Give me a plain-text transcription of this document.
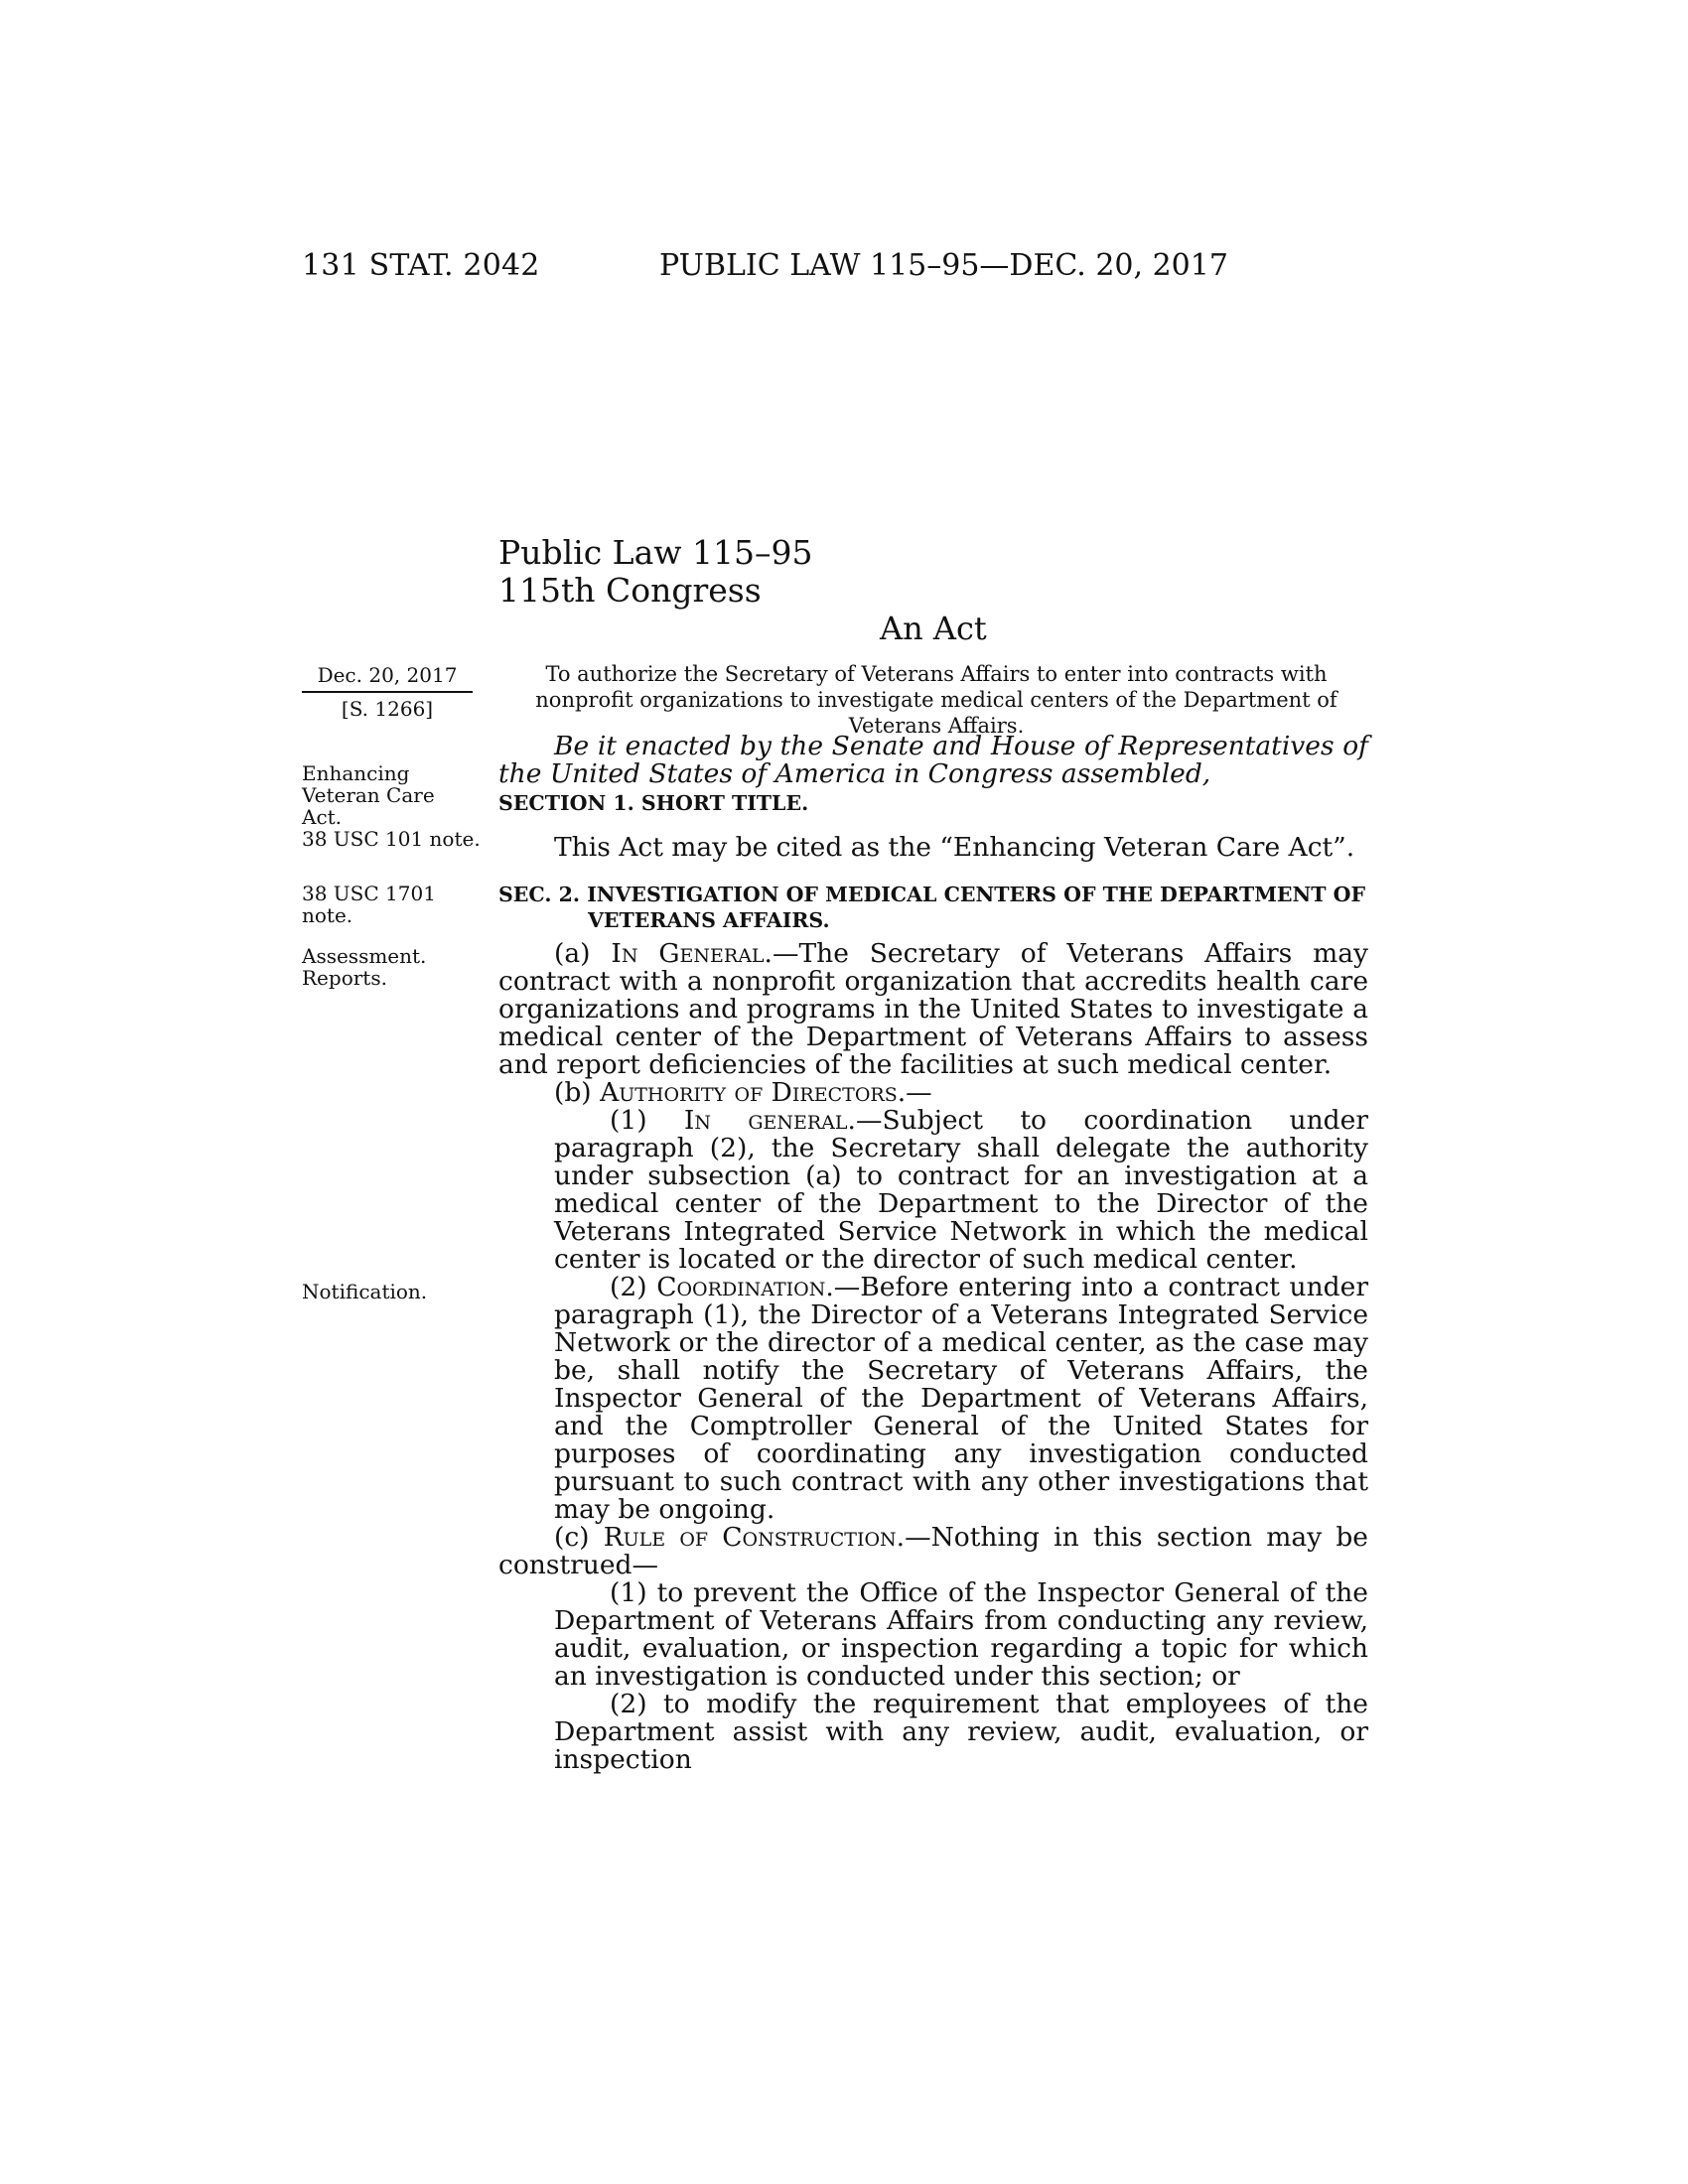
131 STAT. 2042	PUBLIC LAW 115–95—DEC. 20, 2017
Public Law 115–95
115th Congress
An Act
Dec. 20, 2017
[S. 1266]
Enhancing
Veteran Care
Act.
38 USC 101 note.
38 USC 1701
note.
Assessment.
Reports.
Notification.
To authorize the Secretary of Veterans Affairs to enter into contracts with nonprofit organizations to investigate medical centers of the Department of Veterans Affairs.
Be it enacted by the Senate and House of Representatives of the United States of America in Congress assembled,
SECTION 1. SHORT TITLE.
This Act may be cited as the “Enhancing Veteran Care Act”.
SEC. 2. INVESTIGATION OF MEDICAL CENTERS OF THE DEPARTMENT OF VETERANS AFFAIRS.

(a) In General.—The Secretary of Veterans Affairs may contract with a nonprofit organization that accredits health care organizations and programs in the United States to investigate a medical center of the Department of Veterans Affairs to assess and report deficiencies of the facilities at such medical center.

(b) Authority of Directors.—

(1) In general.—Subject to coordination under paragraph (2), the Secretary shall delegate the authority under subsection (a) to contract for an investigation at a medical center of the Department to the Director of the Veterans Integrated Service Network in which the medical center is located or the director of such medical center.

(2) Coordination.—Before entering into a contract under paragraph (1), the Director of a Veterans Integrated Service Network or the director of a medical center, as the case may be, shall notify the Secretary of Veterans Affairs, the Inspector General of the Department of Veterans Affairs, and the Comptroller General of the United States for purposes of coordinating any investigation conducted pursuant to such contract with any other investigations that may be ongoing.

(c) Rule of Construction.—Nothing in this section may be construed—

(1) to prevent the Office of the Inspector General of the Department of Veterans Affairs from conducting any review, audit, evaluation, or inspection regarding a topic for which an investigation is conducted under this section; or

(2) to modify the requirement that employees of the Department assist with any review, audit, evaluation, or inspection
